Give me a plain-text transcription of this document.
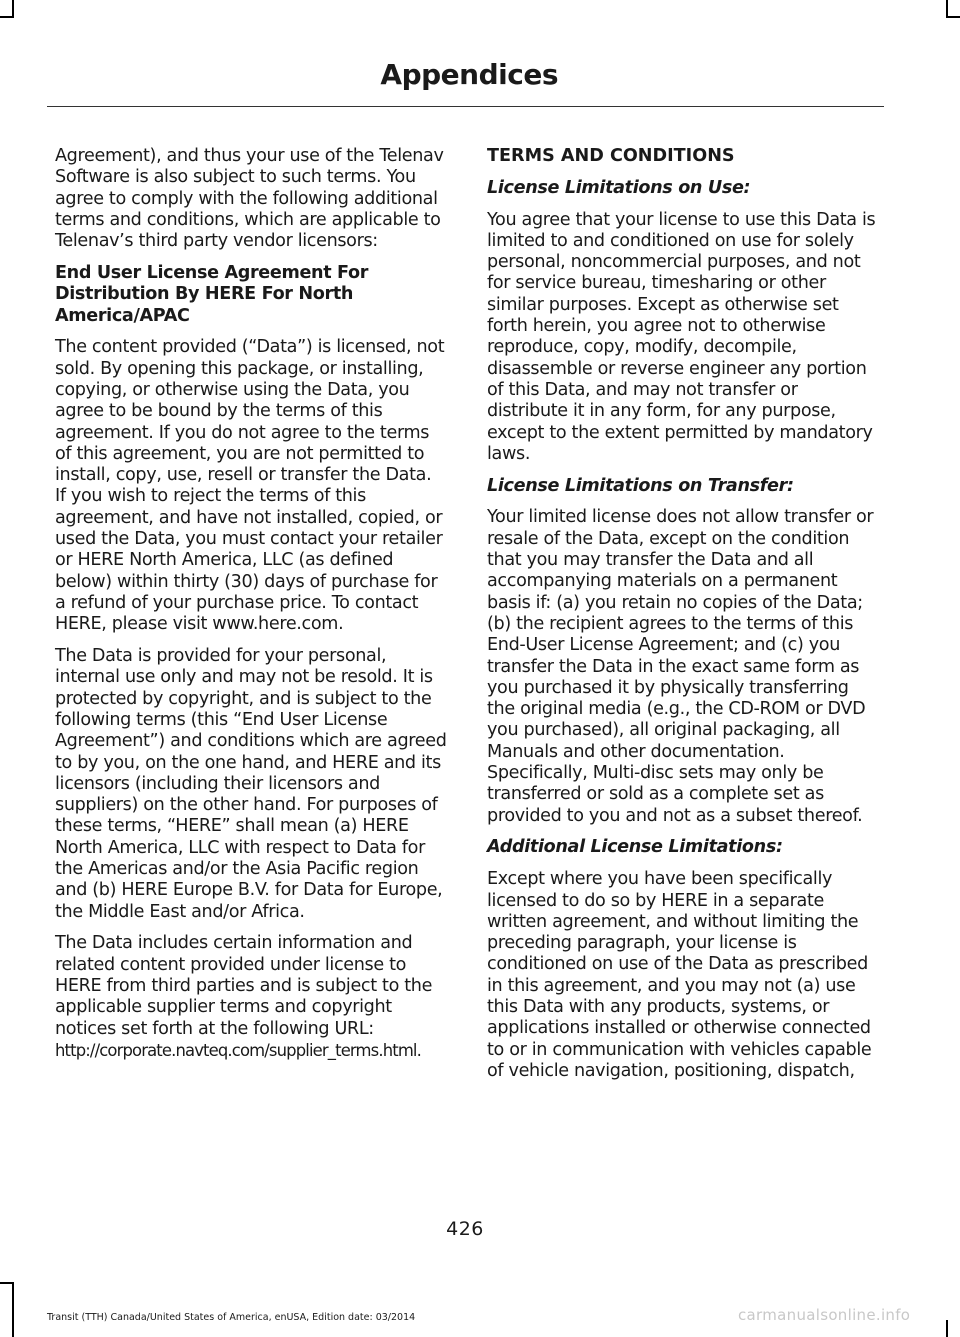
Appendices

Agreement), and thus your use of the Telenav Software is also subject to such terms. You agree to comply with the following additional terms and conditions, which are applicable to Telenav’s third party vendor licensors:

End User License Agreement For Distribution By HERE For North America/APAC

The content provided (“Data”) is licensed, not sold. By opening this package, or installing, copying, or otherwise using the Data, you agree to be bound by the terms of this agreement. If you do not agree to the terms of this agreement, you are not permitted to install, copy, use, resell or transfer the Data. If you wish to reject the terms of this agreement, and have not installed, copied, or used the Data, you must contact your retailer or HERE North America, LLC (as defined below) within thirty (30) days of purchase for a refund of your purchase price. To contact HERE, please visit www.here.com.

The Data is provided for your personal, internal use only and may not be resold. It is protected by copyright, and is subject to the following terms (this “End User License Agreement”) and conditions which are agreed to by you, on the one hand, and HERE and its licensors (including their licensors and suppliers) on the other hand. For purposes of these terms, “HERE” shall mean (a) HERE North America, LLC with respect to Data for the Americas and/or the Asia Pacific region and (b) HERE Europe B.V. for Data for Europe, the Middle East and/or Africa.

The Data includes certain information and related content provided under license to HERE from third parties and is subject to the applicable supplier terms and copyright notices set forth at the following URL:
http://corporate.navteq.com/supplier_terms.html.

TERMS AND CONDITIONS
License Limitations on Use:

You agree that your license to use this Data is limited to and conditioned on use for solely personal, noncommercial purposes, and not for service bureau, timesharing or other similar purposes. Except as otherwise set forth herein, you agree not to otherwise reproduce, copy, modify, decompile, disassemble or reverse engineer any portion of this Data, and may not transfer or distribute it in any form, for any purpose, except to the extent permitted by mandatory laws.

License Limitations on Transfer:

Your limited license does not allow transfer or resale of the Data, except on the condition that you may transfer the Data and all accompanying materials on a permanent basis if: (a) you retain no copies of the Data; (b) the recipient agrees to the terms of this End-User License Agreement; and (c) you transfer the Data in the exact same form as you purchased it by physically transferring the original media (e.g., the CD-ROM or DVD you purchased), all original packaging, all Manuals and other documentation. Specifically, Multi-disc sets may only be transferred or sold as a complete set as provided to you and not as a subset thereof.

Additional License Limitations:

Except where you have been specifically licensed to do so by HERE in a separate written agreement, and without limiting the preceding paragraph, your license is conditioned on use of the Data as prescribed in this agreement, and you may not (a) use this Data with any products, systems, or applications installed or otherwise connected to or in communication with vehicles capable of vehicle navigation, positioning, dispatch,

426
Transit (TTH) Canada/United States of America, enUSA, Edition date: 03/2014	carmanualsonline.info
